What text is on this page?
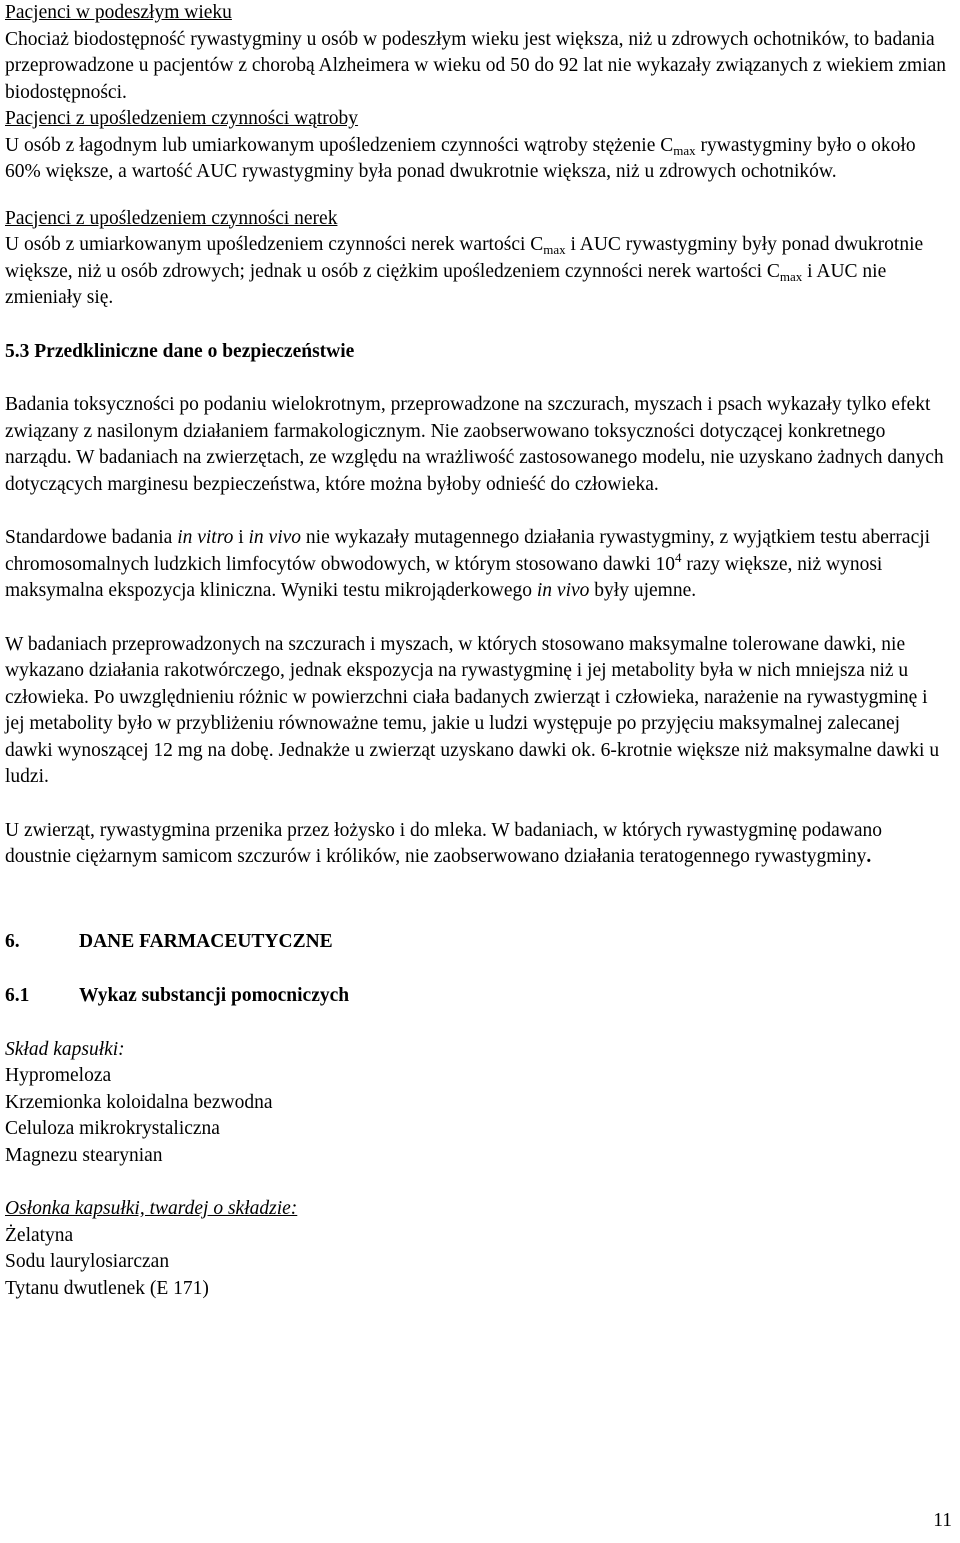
Pacjenci w podeszłym wieku

Chociaż biodostępność rywastygminy u osób w podeszłym wieku jest większa, niż u zdrowych ochotników, to badania przeprowadzone u pacjentów z chorobą Alzheimera w wieku od 50 do 92 lat nie wykazały związanych z wiekiem zmian biodostępności.

Pacjenci z upośledzeniem czynności wątroby

U osób z łagodnym lub umiarkowanym upośledzeniem czynności wątroby stężenie $C_{max}$ rywastygminy było o około 60% większe, a wartość AUC rywastygminy była ponad dwukrotnie większa, niż u zdrowych ochotników.

Pacjenci z upośledzeniem czynności nerek

U osób z umiarkowanym upośledzeniem czynności nerek wartości $C_{max}$ i AUC rywastygminy były ponad dwukrotnie większe, niż u osób zdrowych; jednak u osób z ciężkim upośledzeniem czynności nerek wartości $C_{max}$ i AUC nie zmieniały się.

5.3 Przedkliniczne dane o bezpieczeństwie

Badania toksyczności po podaniu wielokrotnym, przeprowadzone na szczurach, myszach i psach wykazały tylko efekt związany z nasilonym działaniem farmakologicznym. Nie zaobserwowano toksyczności dotyczącej konkretnego narządu. W badaniach na zwierzętach, ze względu na wrażliwość zastosowanego modelu, nie uzyskano żadnych danych dotyczących marginesu bezpieczeństwa, które można byłoby odnieść do człowieka.

Standardowe badania in vitro i in vivo nie wykazały mutagennego działania rywastygminy, z wyjątkiem testu aberracji chromosomalnych ludzkich limfocytów obwodowych, w którym stosowano dawki $10^4$ razy większe, niż wynosi maksymalna ekspozycja kliniczna. Wyniki testu mikrojąderkowego in vivo były ujemne.

W badaniach przeprowadzonych na szczurach i myszach, w których stosowano maksymalne tolerowane dawki, nie wykazano działania rakotwórczego, jednak ekspozycja na rywastygminę i jej metabolity była w nich mniejsza niż u człowieka. Po uwzględnieniu różnic w powierzchni ciała badanych zwierząt i człowieka, narażenie na rywastygminę i jej metabolity było w przybliżeniu równoważne temu, jakie u ludzi występuje po przyjęciu maksymalnej zalecanej dawki wynoszącej 12 mg na dobę. Jednakże u zwierząt uzyskano dawki ok. 6-krotnie większe niż maksymalne dawki u ludzi.

U zwierząt, rywastygmina przenika przez łożysko i do mleka. W badaniach, w których rywastygminę podawano doustnie ciężarnym samicom szczurów i królików, nie zaobserwowano działania teratogennego rywastygminy.

6.	DANE FARMACEUTYCZNE

6.1	Wykaz substancji pomocniczych

Skład kapsułki:

Hypromeloza

Krzemionka koloidalna bezwodna

Celuloza mikrokrystaliczna

Magnezu stearynian

Osłonka kapsułki, twardej o składzie:

Żelatyna

Sodu laurylosiarczan

Tytanu dwutlenek (E 171)

11
